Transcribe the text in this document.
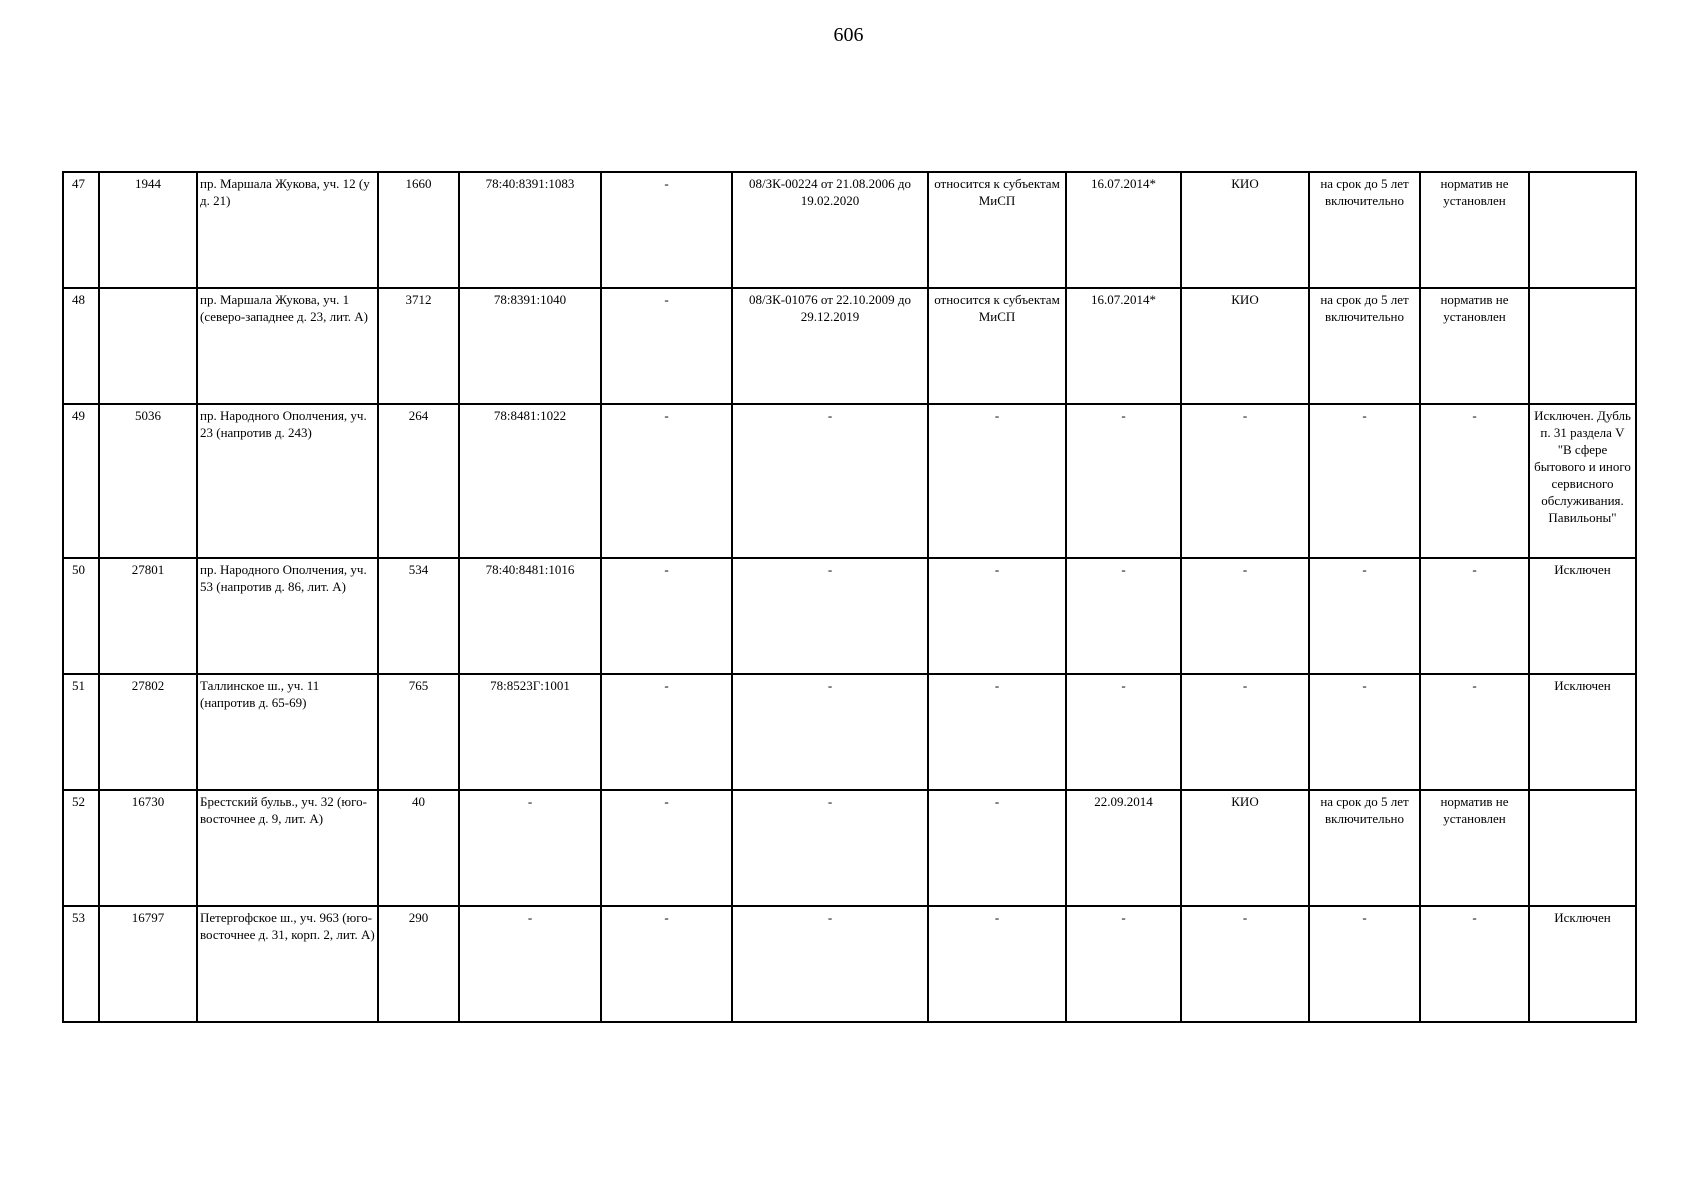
606
47	1944	пр. Маршала Жукова, уч. 12 (у д. 21)	1660	78:40:8391:1083	-	08/ЗК-00224 от 21.08.2006 до 19.02.2020	относится к субъектам МиСП	16.07.2014*	КИО	на срок до 5 лет включительно	норматив не установлен	
48		пр. Маршала Жукова, уч. 1 (северо-западнее д. 23, лит. А)	3712	78:8391:1040	-	08/ЗК-01076 от 22.10.2009 до 29.12.2019	относится к субъектам МиСП	16.07.2014*	КИО	на срок до 5 лет включительно	норматив не установлен	
49	5036	пр. Народного Ополчения, уч. 23 (напротив д. 243)	264	78:8481:1022	-	-	-	-	-	-	-	Исключен. Дубль п. 31 раздела V "В сфере бытового и иного сервисного обслуживания. Павильоны"
50	27801	пр. Народного Ополчения, уч. 53 (напротив д. 86, лит. А)	534	78:40:8481:1016	-	-	-	-	-	-	-	Исключен
51	27802	Таллинское ш., уч. 11 (напротив д. 65-69)	765	78:8523Г:1001	-	-	-	-	-	-	-	Исключен
52	16730	Брестский бульв., уч. 32 (юго-восточнее д. 9, лит. А)	40	-	-	-	-	22.09.2014	КИО	на срок до 5 лет включительно	норматив не установлен	
53	16797	Петергофское ш., уч. 963 (юго-восточнее д. 31, корп. 2, лит. А)	290	-	-	-	-	-	-	-	-	Исключен
